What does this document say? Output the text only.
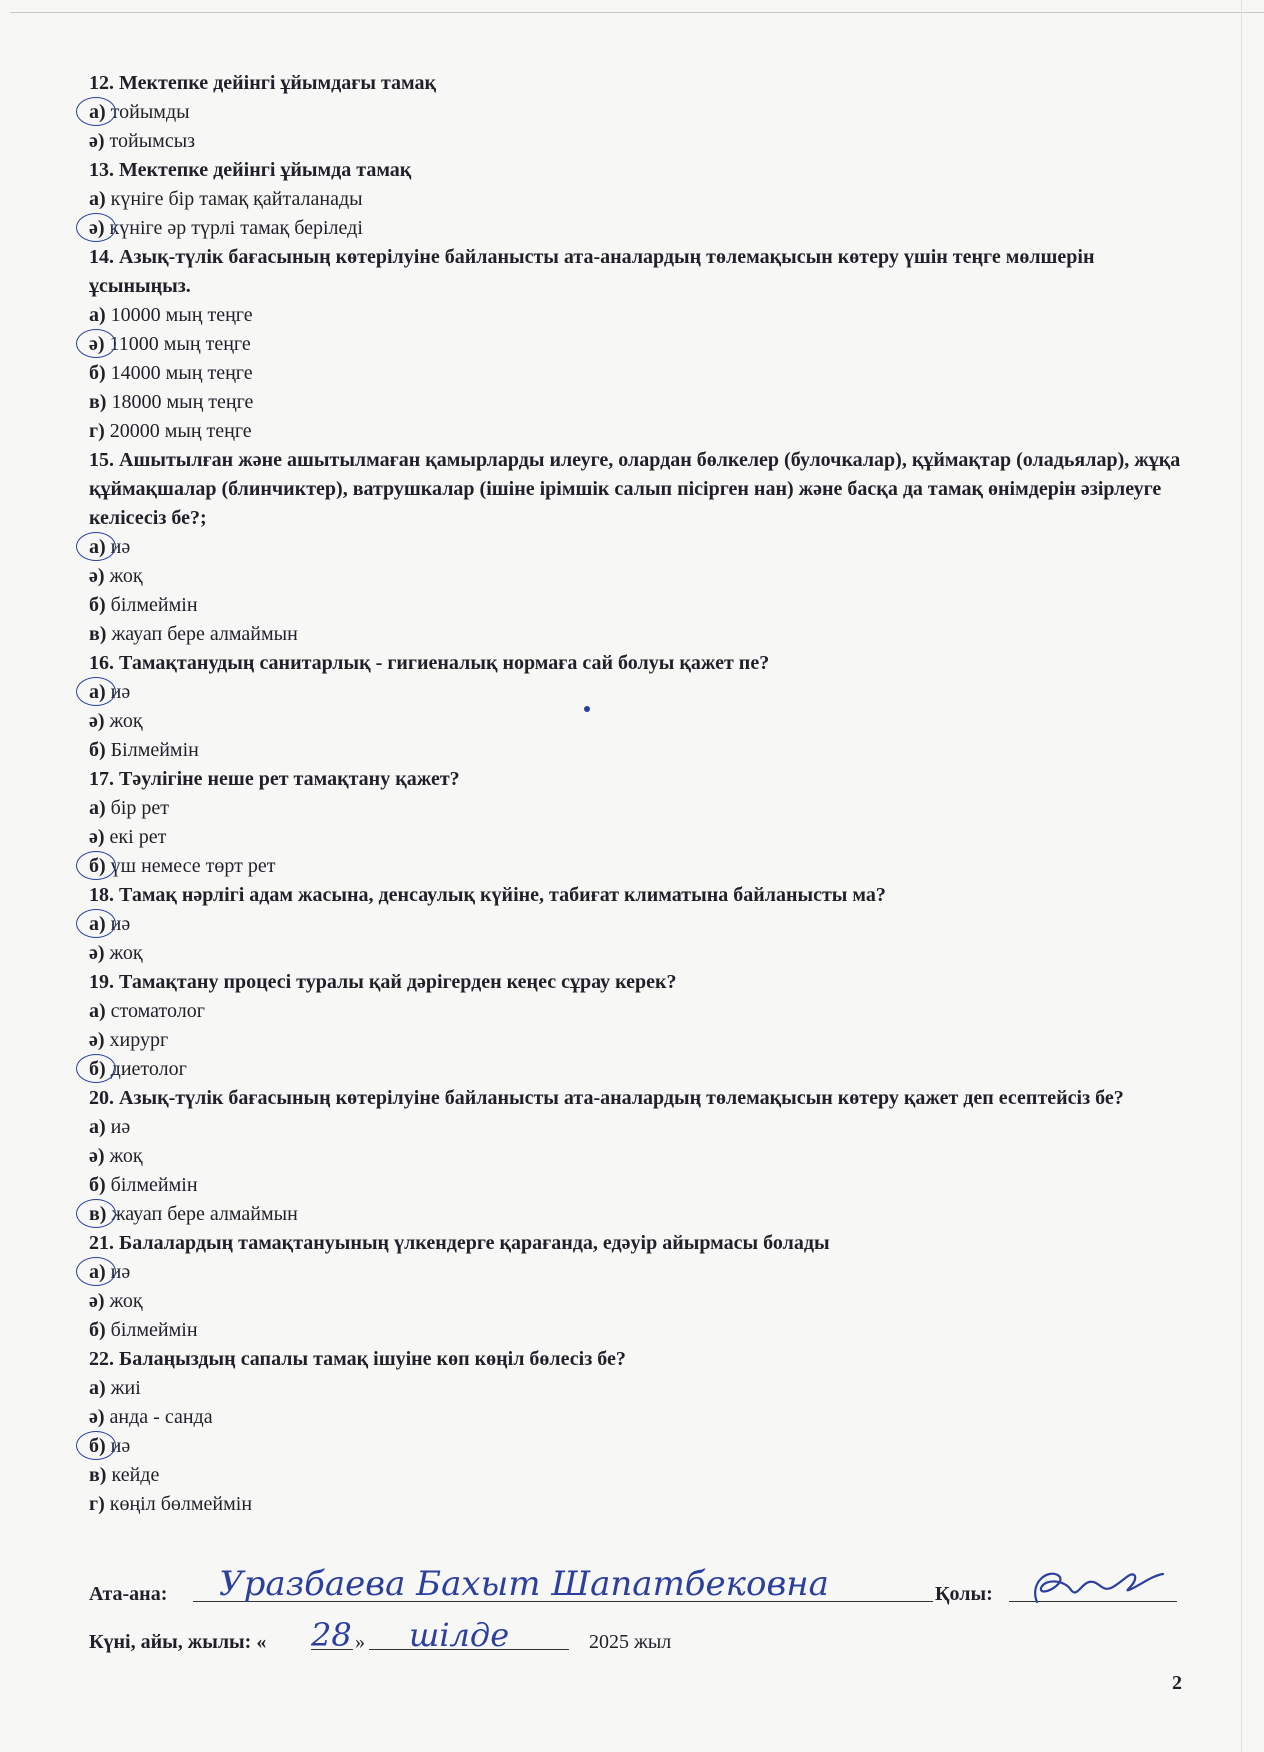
12. Мектепке дейінгі ұйымдағы тамақ

а) тойымды

ә) тойымсыз

13. Мектепке дейінгі ұйымда тамақ

а) күніге бір тамақ қайталанады

ә) күніге әр түрлі тамақ беріледі

14. Азық-түлік бағасының көтерілуіне байланысты ата-аналардың төлемақысын көтеру үшін теңге мөлшерін ұсыныңыз.

а) 10000 мың теңге

ә) 11000 мың теңге

б) 14000 мың теңге

в) 18000 мың теңге

г) 20000 мың теңге

15. Ашытылған және ашытылмаған қамырларды илеуге, олардан бөлкелер (булочкалар), құймақтар (оладьялар), жұқа құймақшалар (блинчиктер), ватрушкалар (ішіне ірімшік салып пісірген нан) және басқа да тамақ өнімдерін әзірлеуге келісесіз бе?;

а) иә

ә) жоқ

б) білмеймін

в) жауап бере алмаймын

16. Тамақтанудың санитарлық - гигиеналық нормаға сай болуы қажет пе?

а) иә

ә) жоқ

б) Білмеймін

17. Тәулігіне неше рет тамақтану қажет?

а) бір рет

ә) екі рет

б) үш немесе төрт рет

18. Тамақ нәрлігі адам жасына, денсаулық күйіне, табиғат климатына байланысты ма?

а) иә

ә) жоқ

19. Тамақтану процесі туралы қай дәрігерден кеңес сұрау керек?

а) стоматолог

ә) хирург

б) диетолог

20. Азық-түлік бағасының көтерілуіне байланысты ата-аналардың төлемақысын көтеру қажет деп есептейсіз бе?

а) иә

ә) жоқ

б) білмеймін

в) жауап бере алмаймын

21. Балалардың тамақтануының үлкендерге қарағанда, едәуір айырмасы болады

а) иә

ә) жоқ

б) білмеймін

22. Балаңыздың сапалы тамақ ішуіне көп көңіл бөлесіз бе?

а) жиі

ә) анда - санда

б) иә

в) кейде

г) көңіл бөлмеймін

Ата-ана: Уразбаева Бахыт Шапатбековна	Қолы:
Күні, айы, жылы: « 28 » шілде	2025 жыл
2
